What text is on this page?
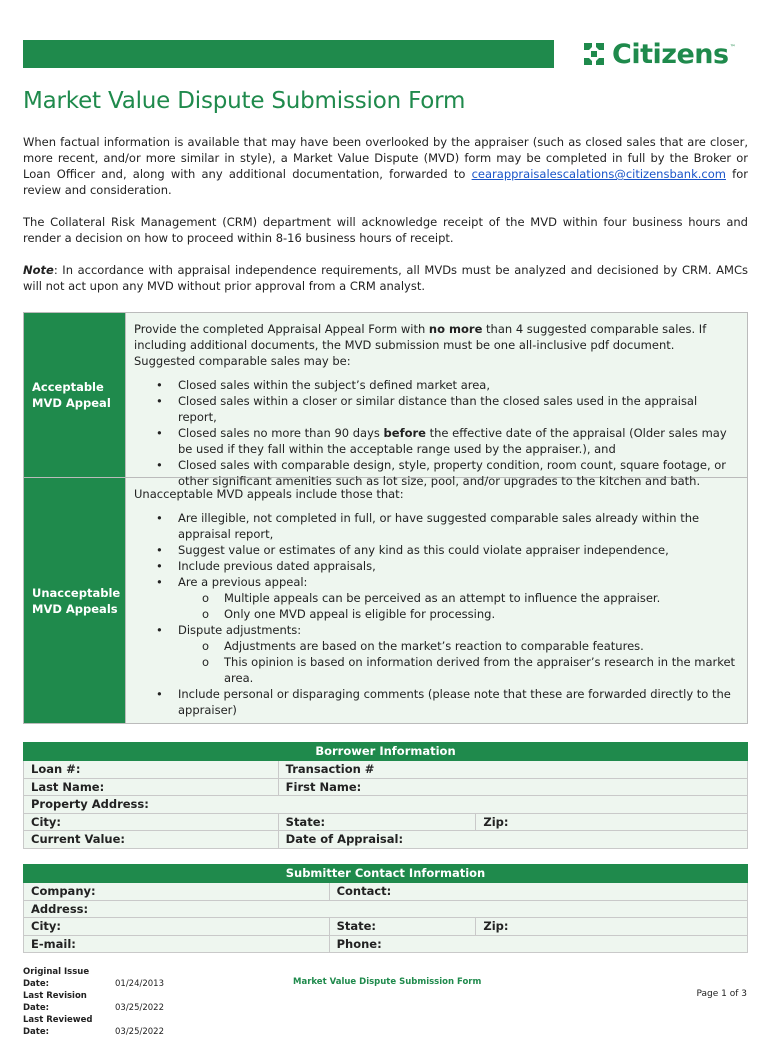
Citizens ™
Market Value Dispute Submission Form
When factual information is available that may have been overlooked by the appraiser (such as closed sales that are closer, more recent, and/or more similar in style), a Market Value Dispute (MVD) form may be completed in full by the Broker or Loan Officer and, along with any additional documentation, forwarded to cearappraisalescalations@citizensbank.com for review and consideration.
The Collateral Risk Management (CRM) department will acknowledge receipt of the MVD within four business hours and render a decision on how to proceed within 8-16 business hours of receipt.
Note: In accordance with appraisal independence requirements, all MVDs must be analyzed and decisioned by CRM. AMCs will not act upon any MVD without prior approval from a CRM analyst.
Acceptable MVD Appeal
Provide the completed Appraisal Appeal Form with no more than 4 suggested comparable sales. If including additional documents, the MVD submission must be one all-inclusive pdf document. Suggested comparable sales may be:
• Closed sales within the subject’s defined market area,
• Closed sales within a closer or similar distance than the closed sales used in the appraisal report,
• Closed sales no more than 90 days before the effective date of the appraisal (Older sales may be used if they fall within the acceptable range used by the appraiser.), and
• Closed sales with comparable design, style, property condition, room count, square footage, or other significant amenities such as lot size, pool, and/or upgrades to the kitchen and bath.
Unacceptable MVD Appeals
Unacceptable MVD appeals include those that:
• Are illegible, not completed in full, or have suggested comparable sales already within the appraisal report,
• Suggest value or estimates of any kind as this could violate appraiser independence,
• Include previous dated appraisals,
• Are a previous appeal:
o Multiple appeals can be perceived as an attempt to influence the appraiser.
o Only one MVD appeal is eligible for processing.
• Dispute adjustments:
o Adjustments are based on the market’s reaction to comparable features.
o This opinion is based on information derived from the appraiser’s research in the market area.
• Include personal or disparaging comments (please note that these are forwarded directly to the appraiser)
Borrower Information		
Loan #:	Transaction #	
Last Name:	First Name:	
Property Address:		
City:	State:	Zip:
Current Value:	Date of Appraisal:	
Submitter Contact Information		
Company:	Contact:	
Address:		
City:	State:	Zip:
E-mail:	Phone:	
Original Issue Date:	01/24/2013
Last Revision Date:	03/25/2022
Last Reviewed Date:	03/25/2022
Market Value Dispute Submission Form
Page 1 of 3
